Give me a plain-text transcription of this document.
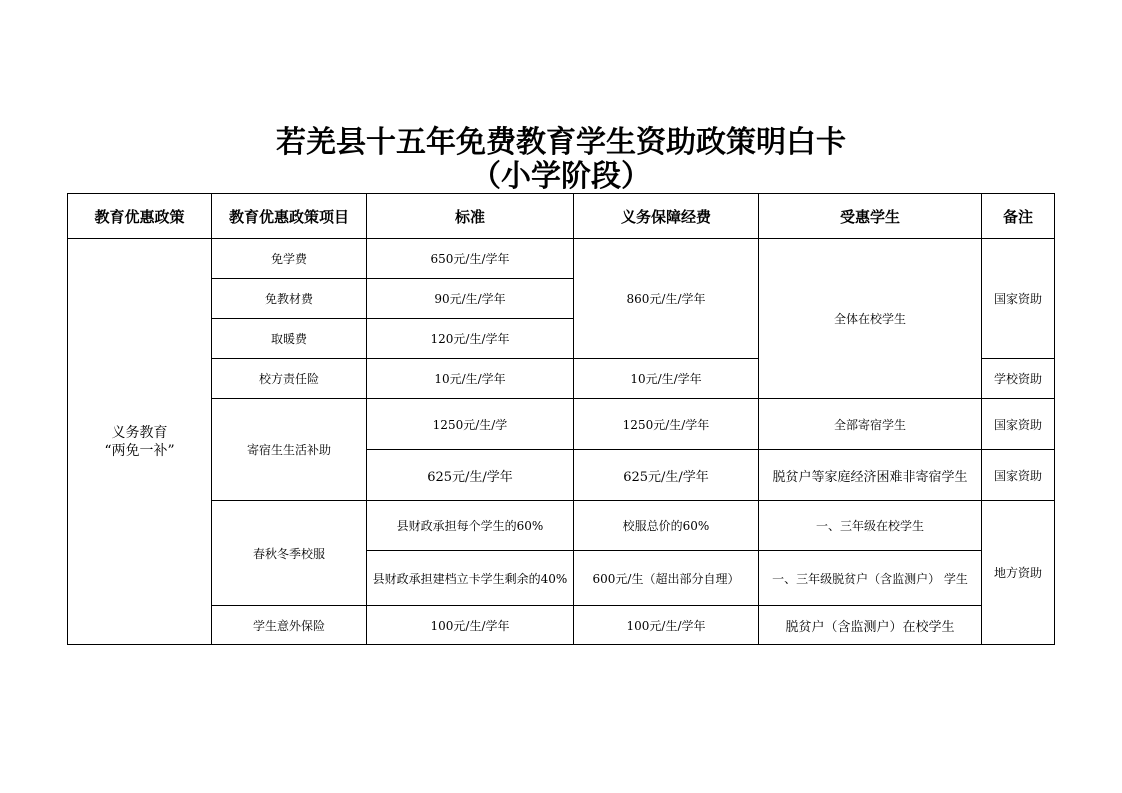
若羌县十五年免费教育学生资助政策明白卡
（小学阶段）
教育优惠政策	教育优惠政策项目	标准	义务保障经费	受惠学生	备注

义务教育
“两免一补”	免学费	650元/生/学年	860元/生/学年	全体在校学生	国家资助
	免教材费	90元/生/学年			
	取暖费	120元/生/学年			
	校方责任险	10元/生/学年	10元/生/学年		学校资助
	寄宿生生活补助	1250元/生/学	1250元/生/学年	全部寄宿学生	国家资助
		625元/生/学年	625元/生/学年	脱贫户等家庭经济困难非寄宿学生	国家资助
	春秋冬季校服	县财政承担每个学生的60%	校服总价的60%	一、三年级在校学生	地方资助
		县财政承担建档立卡学生剩余的40%	600元/生（超出部分自理）	一、三年级脱贫户（含监测户） 学生	
	学生意外保险	100元/生/学年	100元/生/学年	脱贫户（含监测户）在校学生	
